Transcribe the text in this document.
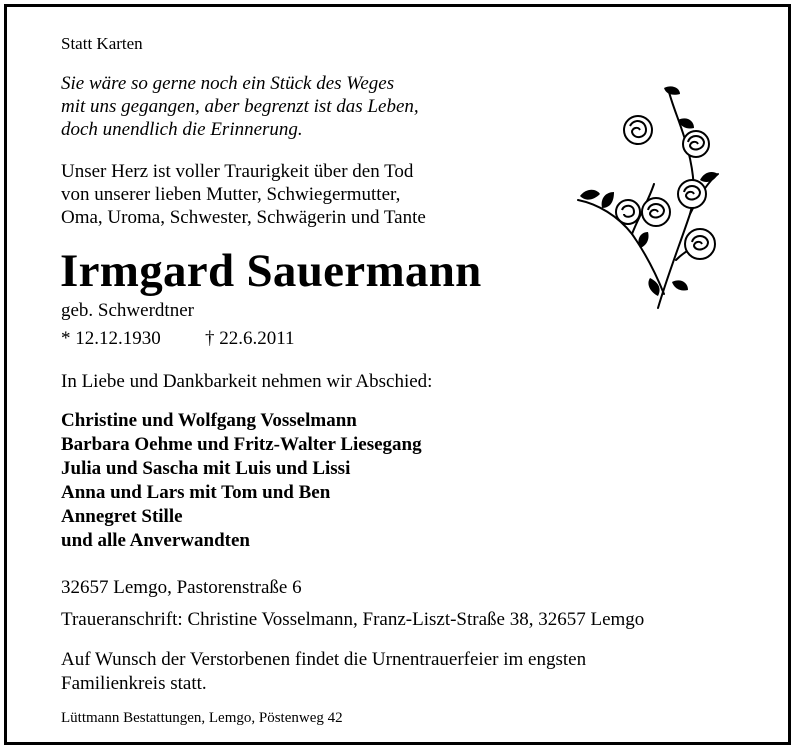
Statt Karten
Sie wäre so gerne noch ein Stück des Weges
mit uns gegangen, aber begrenzt ist das Leben,
doch unendlich die Erinnerung.
Unser Herz ist voller Traurigkeit über den Tod
von unserer lieben Mutter, Schwiegermutter,
Oma, Uroma, Schwester, Schwägerin und Tante
Irmgard Sauermann
geb. Schwerdtner
* 12.12.1930 † 22.6.2011
In Liebe und Dankbarkeit nehmen wir Abschied:
Christine und Wolfgang Vosselmann
Barbara Oehme und Fritz-Walter Liesegang
Julia und Sascha mit Luis und Lissi
Anna und Lars mit Tom und Ben
Annegret Stille
und alle Anverwandten
32657 Lemgo, Pastorenstraße 6
Traueranschrift: Christine Vosselmann, Franz-Liszt-Straße 38, 32657 Lemgo
Auf Wunsch der Verstorbenen findet die Urnentrauerfeier im engsten
Familienkreis statt.
Lüttmann Bestattungen, Lemgo, Pöstenweg 42
